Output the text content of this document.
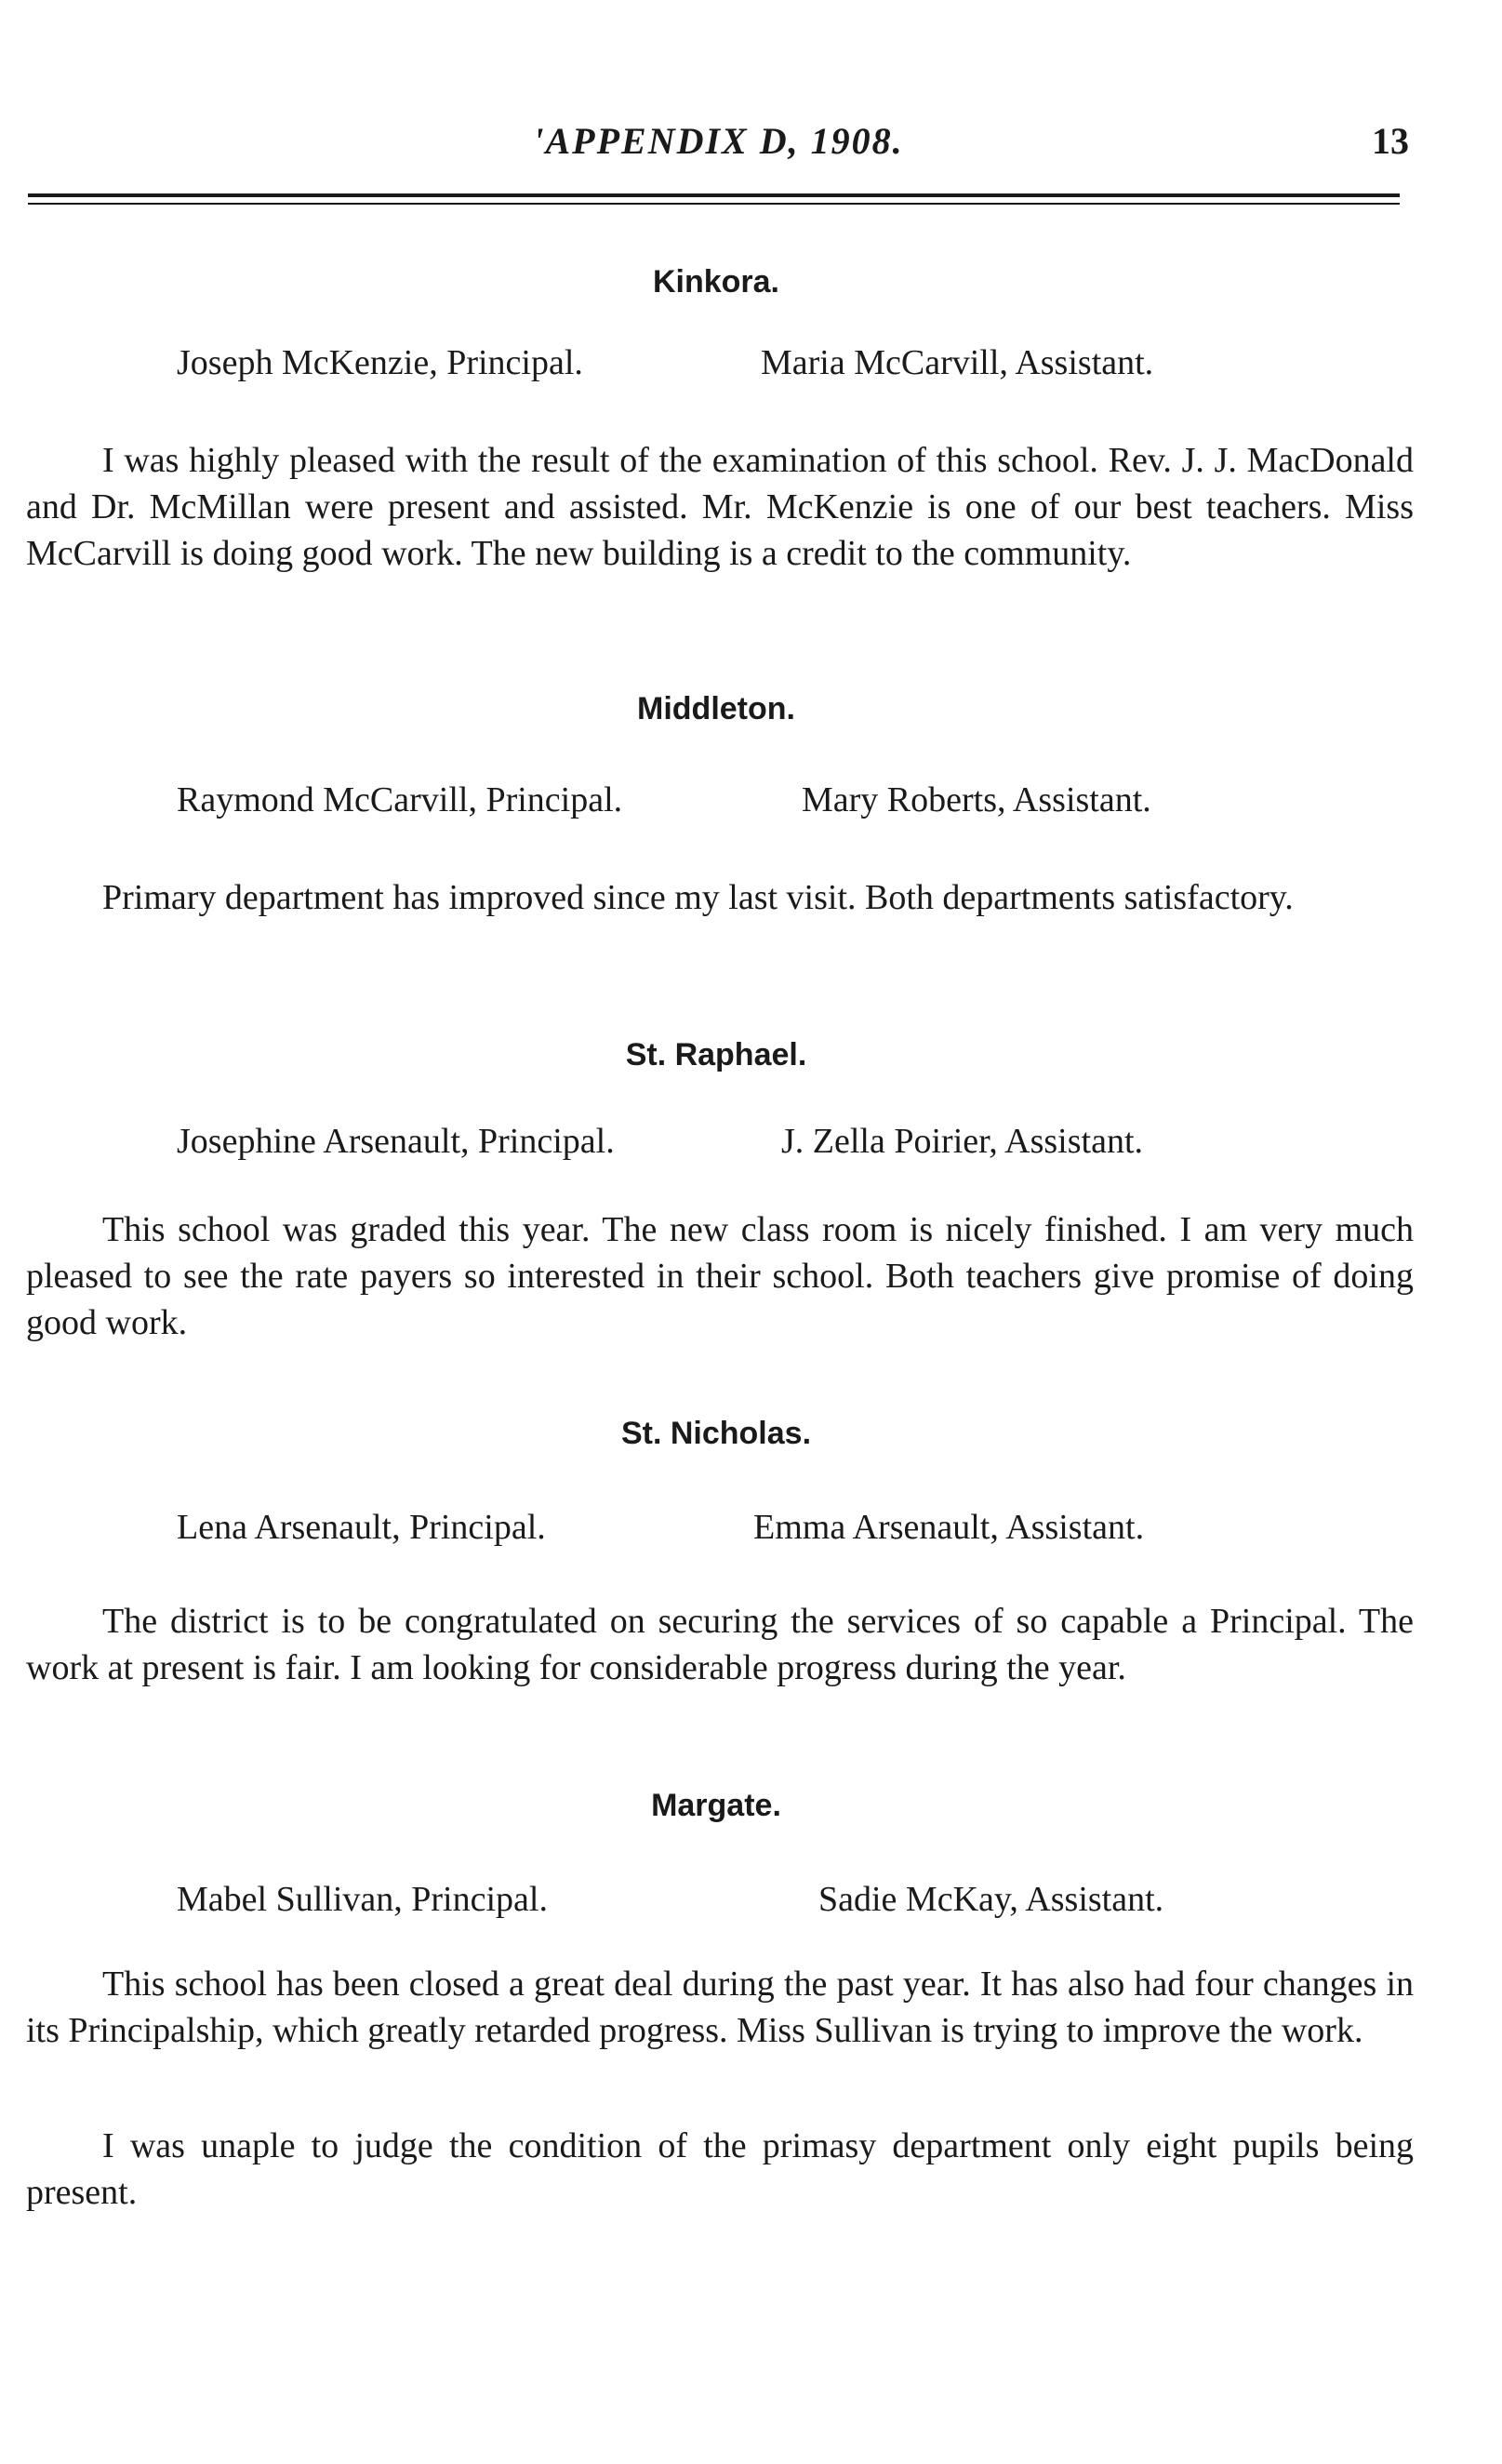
'APPENDIX D, 1908.	13
Kinkora.
Joseph McKenzie, Principal.	Maria McCarvill, Assistant.

I was highly pleased with the result of the examination of this school. Rev. J. J. MacDonald and Dr. McMillan were present and assisted. Mr. McKenzie is one of our best teachers. Miss McCarvill is doing good work. The new building is a credit to the community.

Middleton.
Raymond McCarvill, Principal.	Mary Roberts, Assistant.

Primary department has improved since my last visit. Both departments satisfactory.

St. Raphael.
Josephine Arsenault, Principal.	J. Zella Poirier, Assistant.

This school was graded this year. The new class room is nicely finished. I am very much pleased to see the rate payers so interested in their school. Both teachers give promise of doing good work.

St. Nicholas.
Lena Arsenault, Principal.	Emma Arsenault, Assistant.

The district is to be congratulated on securing the services of so capable a Principal. The work at present is fair. I am looking for considerable progress during the year.

Margate.
Mabel Sullivan, Principal.	Sadie McKay, Assistant.

This school has been closed a great deal during the past year. It has also had four changes in its Principalship, which greatly retarded progress. Miss Sullivan is trying to improve the work.

I was unaple to judge the condition of the primasy department only eight pupils being present.
